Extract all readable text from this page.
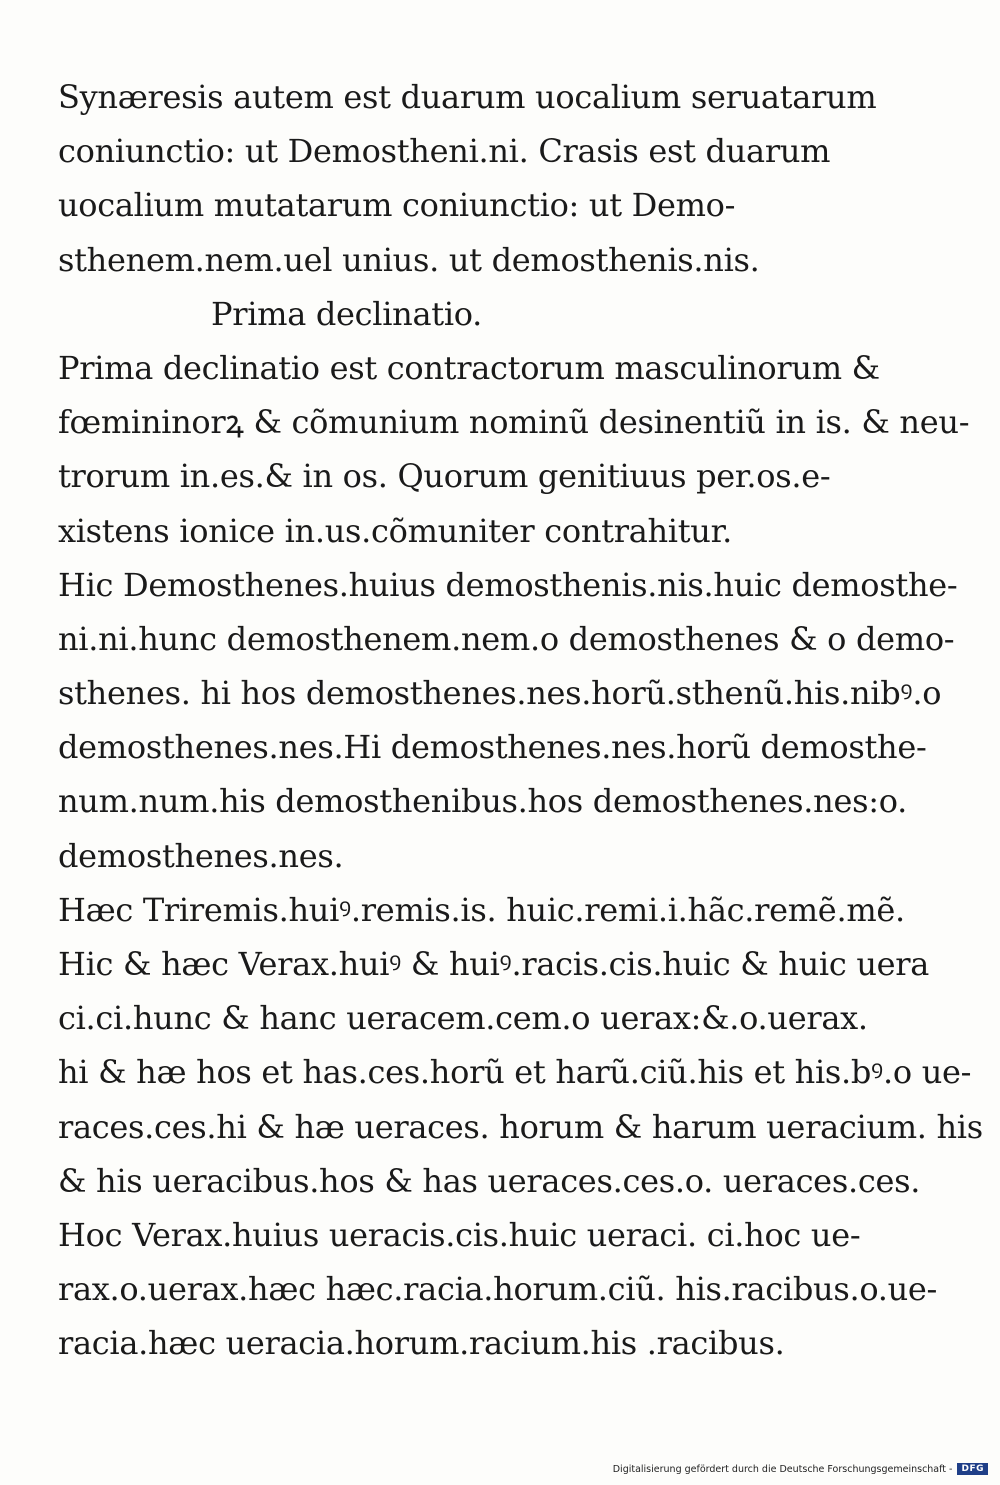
Synæresis autem est duarum uocalium seruatarum
coniunctio: ut Demostheni.ni. Crasis est duarum
uocalium mutatarum coniunctio: ut Demo-
sthenem.nem.uel unius. ut demosthenis.nis.
Prima declinatio.
Prima declinatio est contractorum masculinorum &
fœmininorꝝ & cõmunium nominũ desinentiũ in is. & neu-
trorum in.es.& in os. Quorum genitiuus per.os.e-
xistens ionice in.us.cõmuniter contrahitur.
Hic Demosthenes.huius demosthenis.nis.huic demosthe-
ni.ni.hunc demosthenem.nem.o demosthenes & o demo-
sthenes. hi hos demosthenes.nes.horũ.sthenũ.his.nibꝰ.o
demosthenes.nes.Hi demosthenes.nes.horũ demosthe-
num.num.his demosthenibus.hos demosthenes.nes:o.
demosthenes.nes.
Hæc Triremis.huiꝰ.remis.is. huic.remi.i.hãc.remẽ.mẽ.
Hic & hæc Verax.huiꝰ & huiꝰ.racis.cis.huic & huic uera
ci.ci.hunc & hanc ueracem.cem.o uerax:&.o.uerax.
hi & hæ hos et has.ces.horũ et harũ.ciũ.his et his.bꝰ.o ue-
races.ces.hi & hæ ueraces. horum & harum ueracium. his
& his ueracibus.hos & has ueraces.ces.o. ueraces.ces.
Hoc Verax.huius ueracis.cis.huic ueraci. ci.hoc ue-
rax.o.uerax.hæc hæc.racia.horum.ciũ. his.racibus.o.ue-
racia.hæc ueracia.horum.racium.his .racibus.
Digitalisierung gefördert durch die Deutsche Forschungsgemeinschaft -	DFG
